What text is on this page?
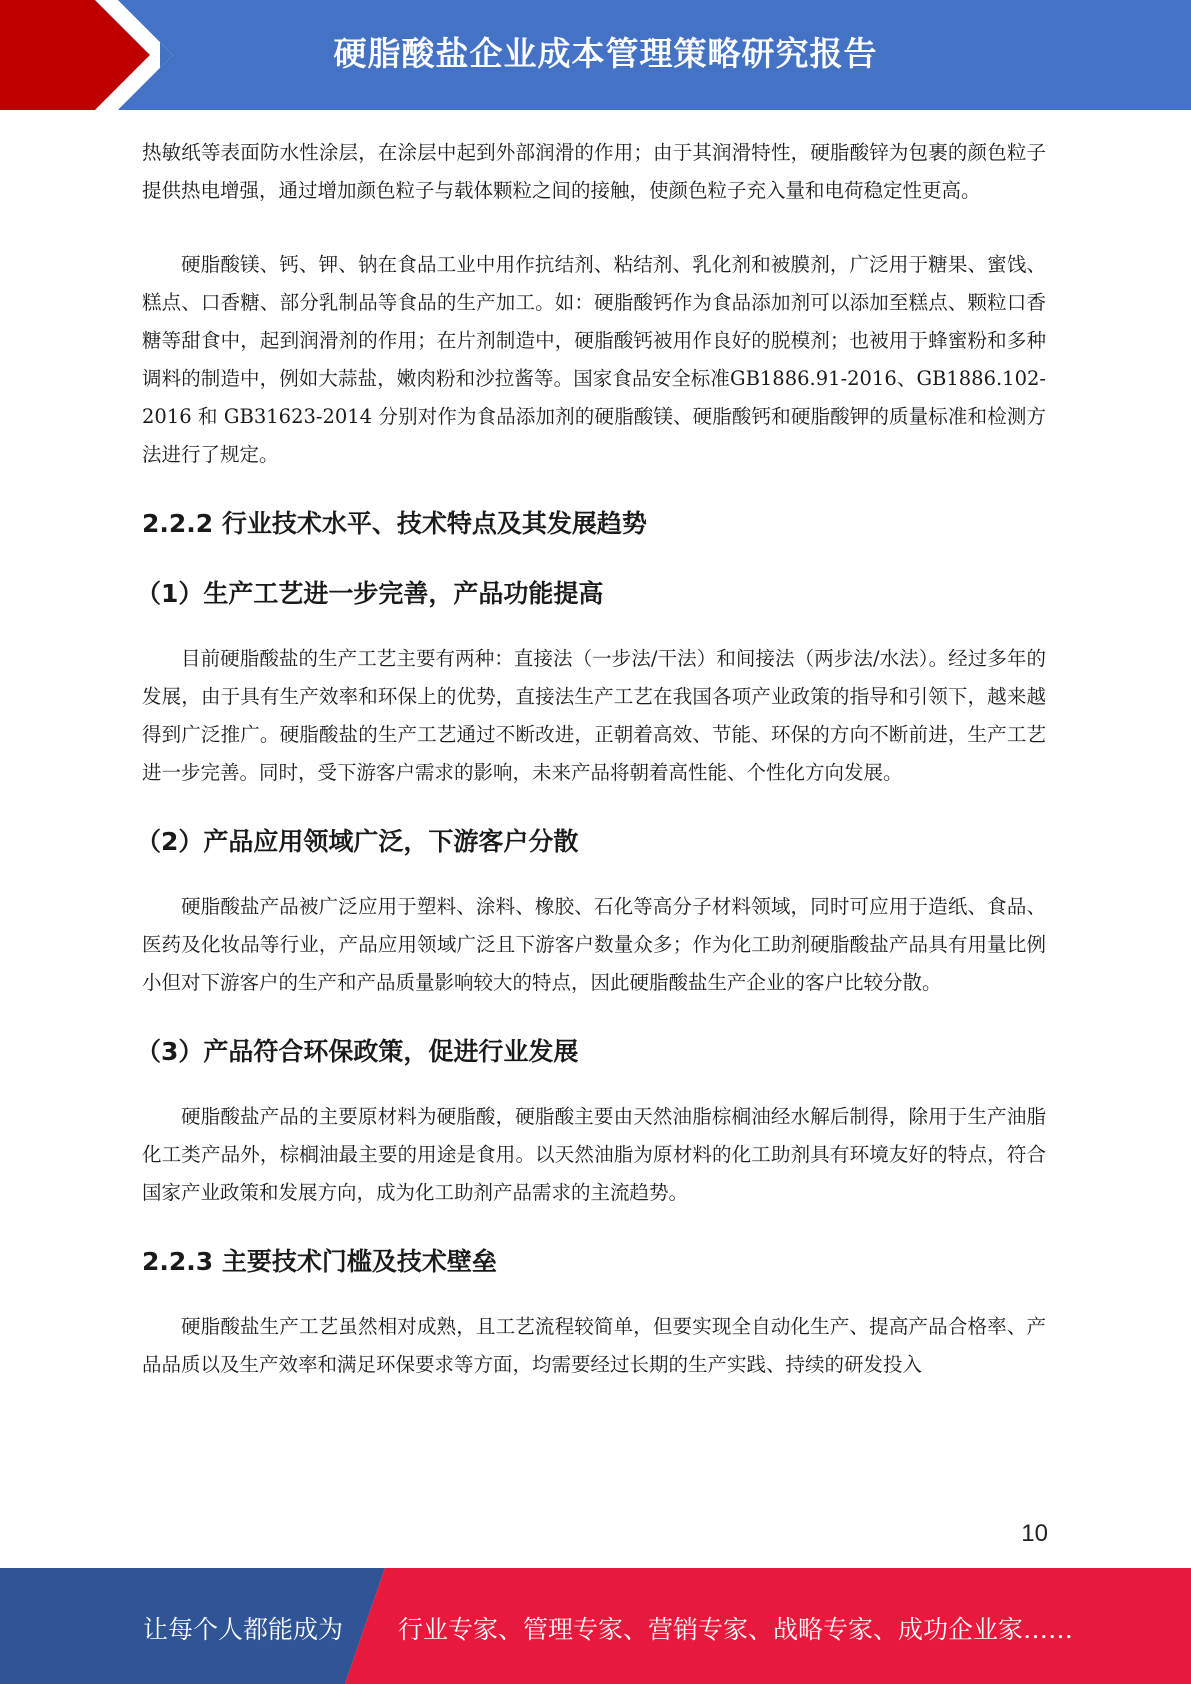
硬脂酸盐企业成本管理策略研究报告

热敏纸等表面防水性涂层，在涂层中起到外部润滑的作用；由于其润滑特性，硬脂酸锌为包裹的颜色粒子提供热电增强，通过增加颜色粒子与载体颗粒之间的接触，使颜色粒子充入量和电荷稳定性更高。

硬脂酸镁、钙、钾、钠在食品工业中用作抗结剂、粘结剂、乳化剂和被膜剂，广泛用于糖果、蜜饯、糕点、口香糖、部分乳制品等食品的生产加工。如：硬脂酸钙作为食品添加剂可以添加至糕点、颗粒口香糖等甜食中，起到润滑剂的作用；在片剂制造中，硬脂酸钙被用作良好的脱模剂；也被用于蜂蜜粉和多种调料的制造中，例如大蒜盐，嫩肉粉和沙拉酱等。国家食品安全标准GB1886.91-2016、GB1886.102-2016 和 GB31623-2014 分别对作为食品添加剂的硬脂酸镁、硬脂酸钙和硬脂酸钾的质量标准和检测方法进行了规定。

2.2.2 行业技术水平、技术特点及其发展趋势
（1）生产工艺进一步完善，产品功能提高

目前硬脂酸盐的生产工艺主要有两种：直接法（一步法/干法）和间接法（两步法/水法）。经过多年的发展，由于具有生产效率和环保上的优势，直接法生产工艺在我国各项产业政策的指导和引领下，越来越得到广泛推广。硬脂酸盐的生产工艺通过不断改进，正朝着高效、节能、环保的方向不断前进，生产工艺进一步完善。同时，受下游客户需求的影响，未来产品将朝着高性能、个性化方向发展。

（2）产品应用领域广泛，下游客户分散

硬脂酸盐产品被广泛应用于塑料、涂料、橡胶、石化等高分子材料领域，同时可应用于造纸、食品、医药及化妆品等行业，产品应用领域广泛且下游客户数量众多；作为化工助剂硬脂酸盐产品具有用量比例小但对下游客户的生产和产品质量影响较大的特点，因此硬脂酸盐生产企业的客户比较分散。

（3）产品符合环保政策，促进行业发展

硬脂酸盐产品的主要原材料为硬脂酸，硬脂酸主要由天然油脂棕榈油经水解后制得，除用于生产油脂化工类产品外，棕榈油最主要的用途是食用。以天然油脂为原材料的化工助剂具有环境友好的特点，符合国家产业政策和发展方向，成为化工助剂产品需求的主流趋势。

2.2.3 主要技术门槛及技术壁垒

硬脂酸盐生产工艺虽然相对成熟，且工艺流程较简单，但要实现全自动化生产、提高产品合格率、产品品质以及生产效率和满足环保要求等方面，均需要经过长期的生产实践、持续的研发投入

10
让每个人都能成为 行业专家、管理专家、营销专家、战略专家、成功企业家……
